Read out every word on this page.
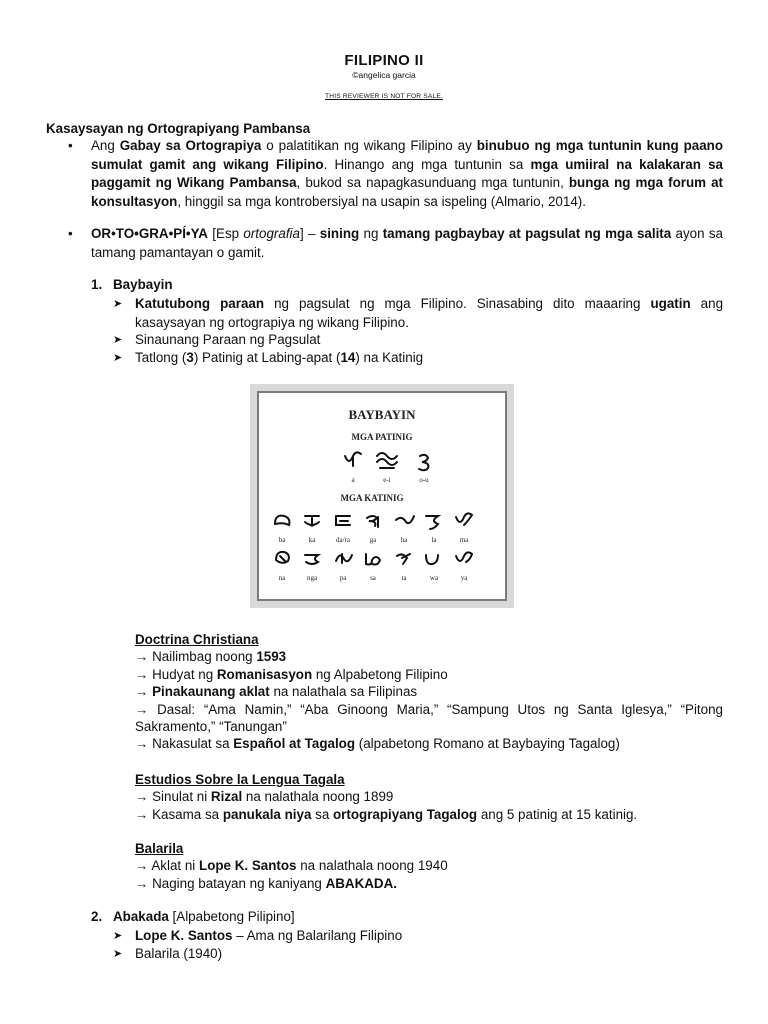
FILIPINO II
©angelica garcia
THIS REVIEWER IS NOT FOR SALE.
Kasaysayan ng Ortograpiyang Pambansa
• Ang Gabay sa Ortograpiya o palatitikan ng wikang Filipino ay binubuo ng mga tuntunin kung paano sumulat gamit ang wikang Filipino. Hinango ang mga tuntunin sa mga umiiral na kalakaran sa paggamit ng Wikang Pambansa, bukod sa napagkasunduang mga tuntunin, bunga ng mga forum at konsultasyon, hinggil sa mga kontrobersiyal na usapin sa ispeling (Almario, 2014).
• OR•TO•GRA•PÍ•YA [Esp ortografia] – sining ng tamang pagbaybay at pagsulat ng mga salita ayon sa tamang pamantayan o gamit.
1. Baybayin
➤ Katutubong paraan ng pagsulat ng mga Filipino. Sinasabing dito maaaring ugatin ang kasaysayan ng ortograpiya ng wikang Filipino.
➤ Sinaunang Paraan ng Pagsulat
➤ Tatlong (3) Patinig at Labing-apat (14) na Katinig
BAYBAYIN
MGA PATINIG
a	e-i	o-u
MGA KATINIG
ba	ka	da/ra	ga	ha	la	ma
na	nga	pa	sa	ta	wa	ya
Doctrina Christiana
→ Nailimbag noong 1593
→ Hudyat ng Romanisasyon ng Alpabetong Filipino
→ Pinakaunang aklat na nalathala sa Filipinas
→ Dasal: “Ama Namin,” “Aba Ginoong Maria,” “Sampung Utos ng Santa Iglesya,” “Pitong Sakramento,” “Tanungan”
→ Nakasulat sa Español at Tagalog (alpabetong Romano at Baybaying Tagalog)
Estudios Sobre la Lengua Tagala
→ Sinulat ni Rizal na nalathala noong 1899
→ Kasama sa panukala niya sa ortograpiyang Tagalog ang 5 patinig at 15 katinig.
Balarila
→ Aklat ni Lope K. Santos na nalathala noong 1940
→ Naging batayan ng kaniyang ABAKADA.
2. Abakada [Alpabetong Pilipino]
➤ Lope K. Santos – Ama ng Balarilang Filipino
➤ Balarila (1940)
